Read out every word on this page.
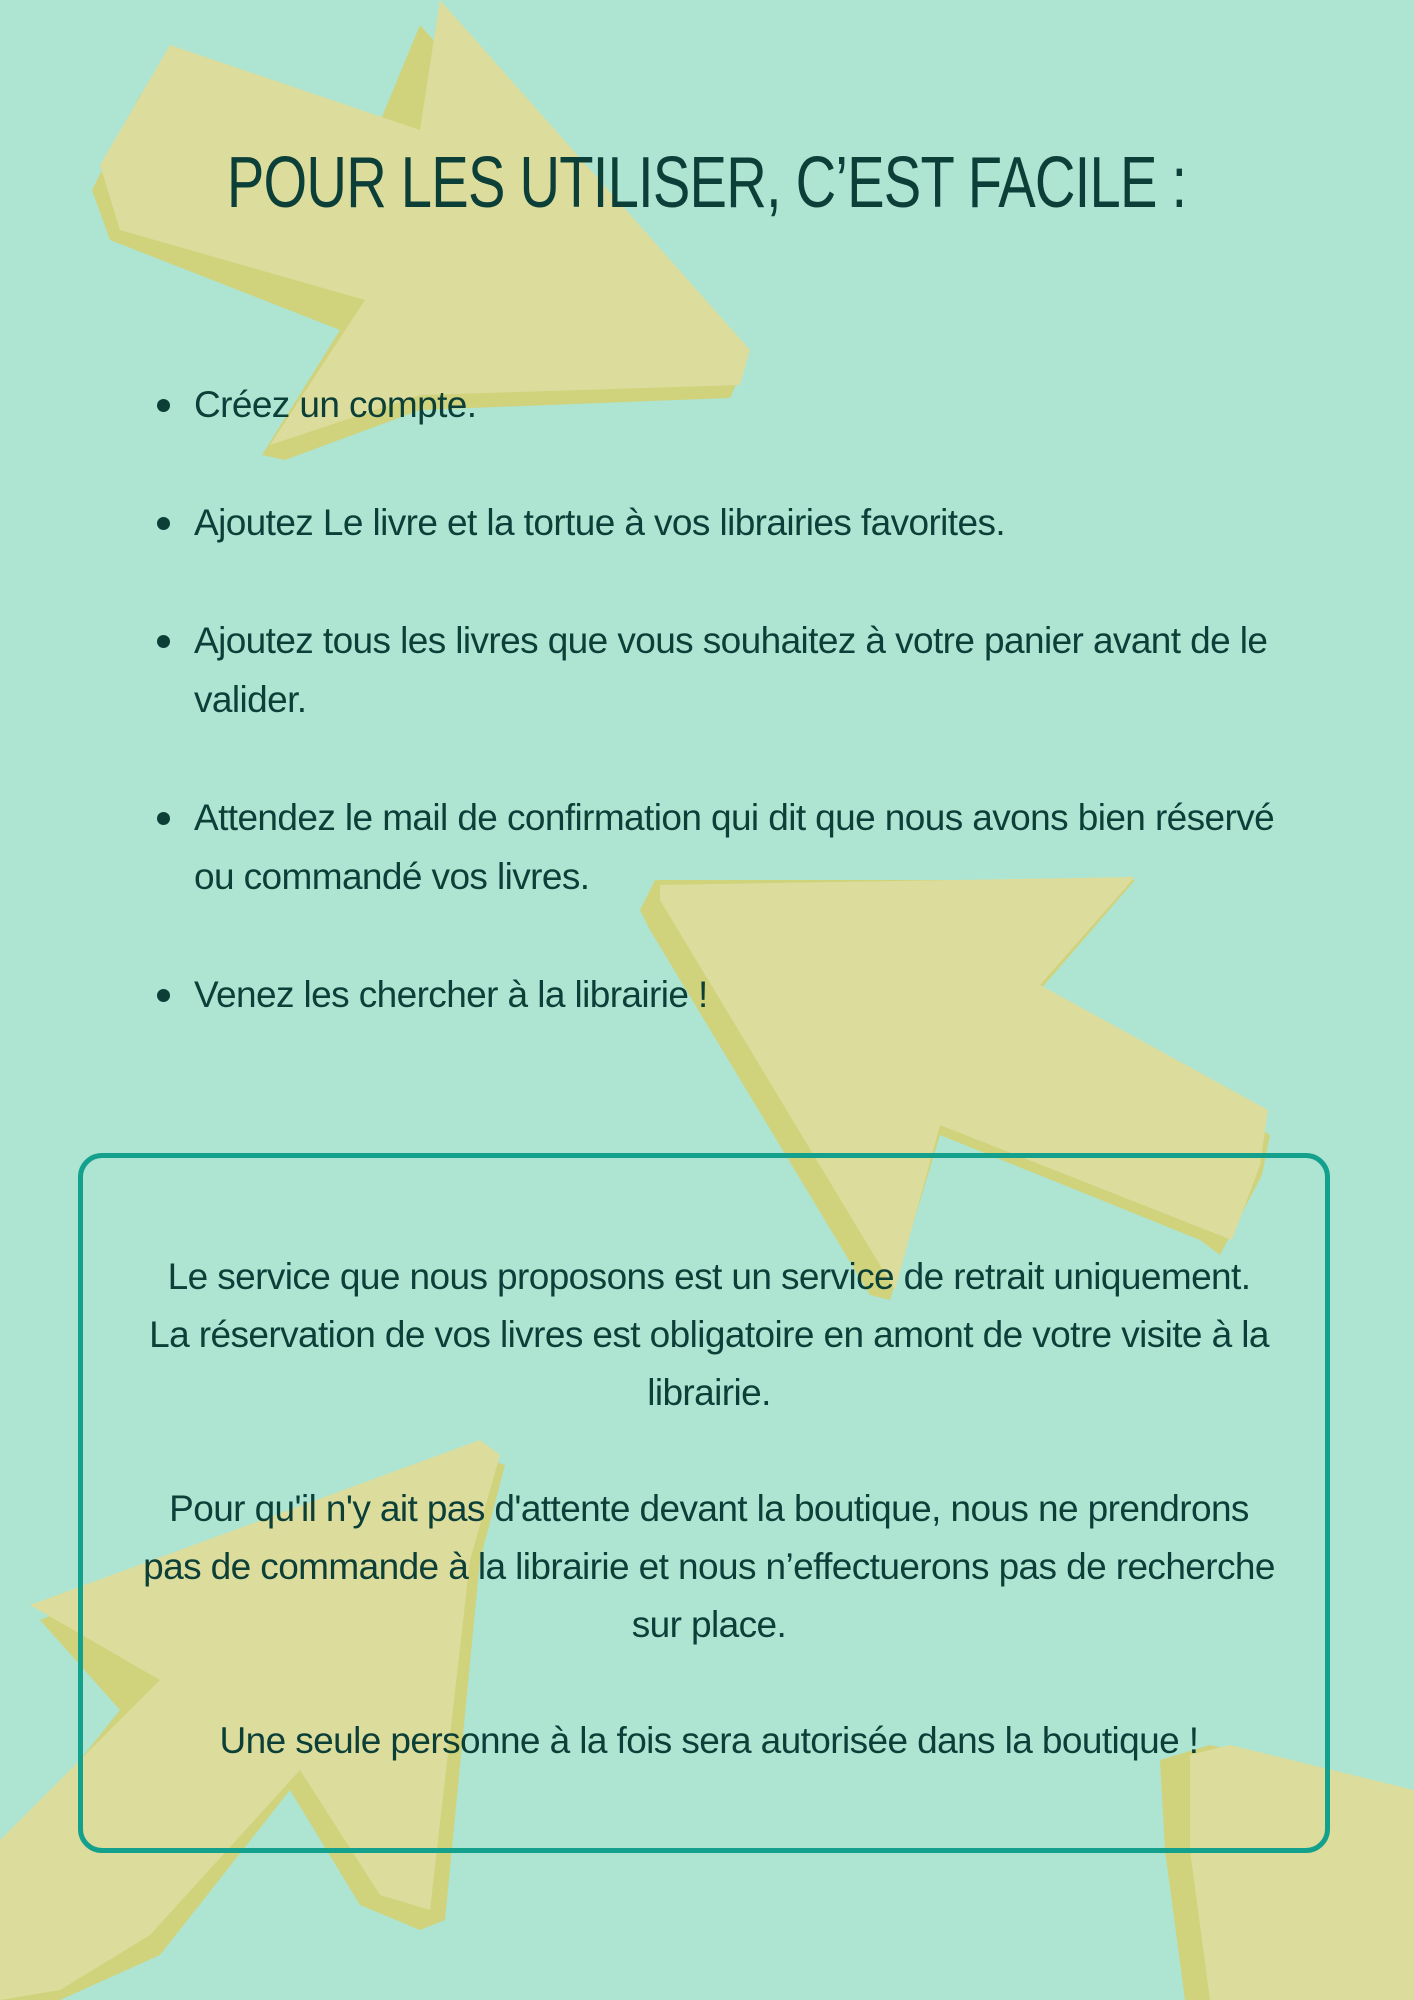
POUR LES UTILISER, C’EST FACILE :
Créez un compte.
Ajoutez Le livre et la tortue à vos librairies favorites.
Ajoutez tous les livres que vous souhaitez à votre panier avant de le valider.
Attendez le mail de confirmation qui dit que nous avons bien réservé ou commandé vos livres.
Venez les chercher à la librairie !

Le service que nous proposons est un service de retrait uniquement. La réservation de vos livres est obligatoire en amont de votre visite à la librairie.

Pour qu'il n'y ait pas d'attente devant la boutique, nous ne prendrons pas de commande à la librairie et nous n’effectuerons pas de recherche sur place.

Une seule personne à la fois sera autorisée dans la boutique !
